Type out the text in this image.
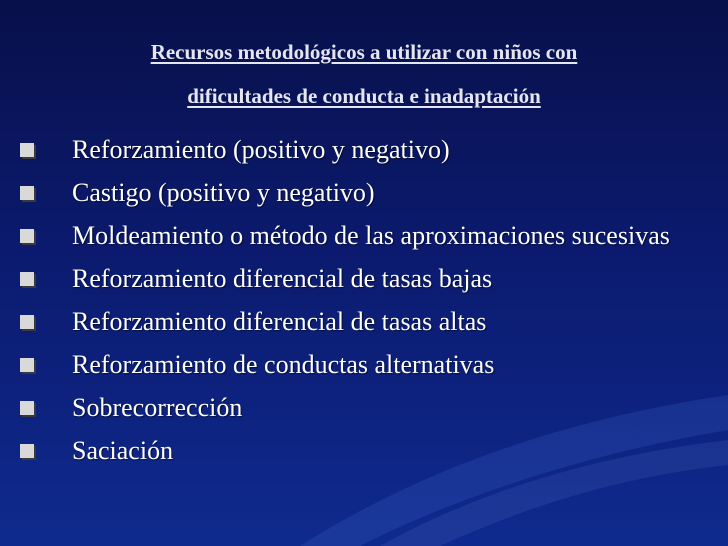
Recursos metodológicos a utilizar con niños con
dificultades de conducta e inadaptación
Reforzamiento (positivo y negativo)
Castigo (positivo y negativo)
Moldeamiento o método de las aproximaciones sucesivas
Reforzamiento diferencial de tasas bajas
Reforzamiento diferencial de tasas altas
Reforzamiento de conductas alternativas
Sobrecorrección
Saciación
